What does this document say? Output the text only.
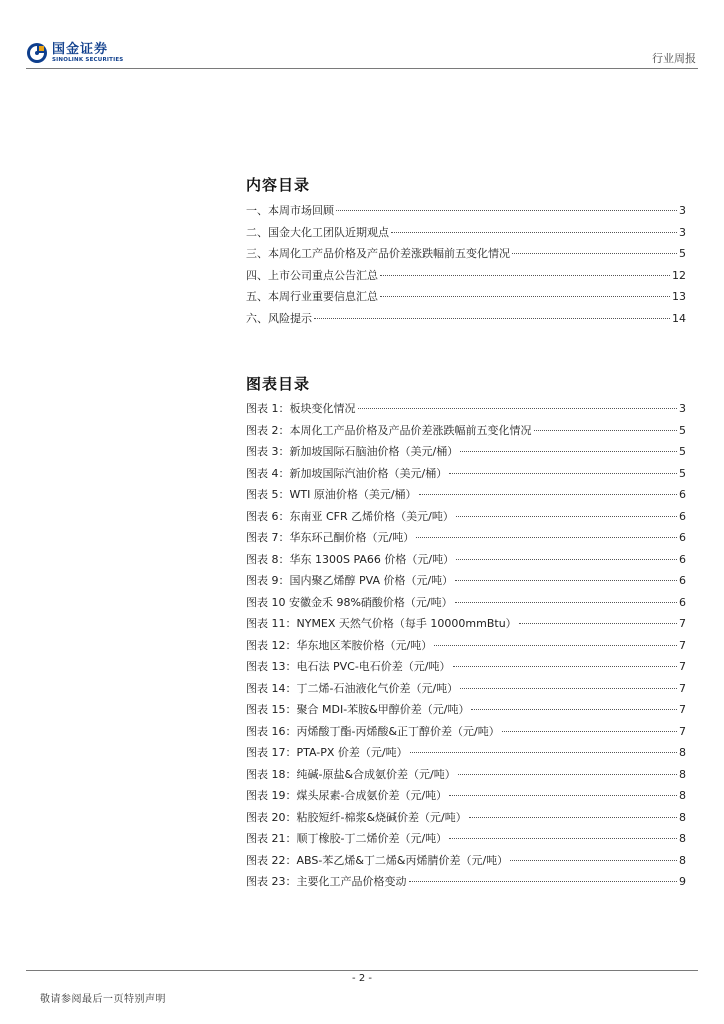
国金证券
SINOLINK SECURITIES	行业周报
内容目录
一、本周市场回顾	3
二、国金大化工团队近期观点	3
三、本周化工产品价格及产品价差涨跌幅前五变化情况	5
四、上市公司重点公告汇总	12
五、本周行业重要信息汇总	13
六、风险提示	14
图表目录
图表 1：板块变化情况	3
图表 2：本周化工产品价格及产品价差涨跌幅前五变化情况	5
图表 3：新加坡国际石脑油价格（美元/桶）	5
图表 4：新加坡国际汽油价格（美元/桶）	5
图表 5：WTI 原油价格（美元/桶）	6
图表 6：东南亚 CFR 乙烯价格（美元/吨）	6
图表 7：华东环己酮价格（元/吨）	6
图表 8：华东 1300S PA66 价格（元/吨）	6
图表 9：国内聚乙烯醇 PVA 价格（元/吨）	6
图表 10 安徽金禾 98%硝酸价格（元/吨）	6
图表 11：NYMEX 天然气价格（每手 10000mmBtu）	7
图表 12：华东地区苯胺价格（元/吨）	7
图表 13：电石法 PVC-电石价差（元/吨）	7
图表 14：丁二烯-石油液化气价差（元/吨）	7
图表 15：聚合 MDI-苯胺&甲醇价差（元/吨）	7
图表 16：丙烯酸丁酯-丙烯酸&正丁醇价差（元/吨）	7
图表 17：PTA-PX 价差（元/吨）	8
图表 18：纯碱-原盐&合成氨价差（元/吨）	8
图表 19：煤头尿素-合成氨价差（元/吨）	8
图表 20：粘胶短纤-棉浆&烧碱价差（元/吨）	8
图表 21：顺丁橡胶-丁二烯价差（元/吨）	8
图表 22：ABS-苯乙烯&丁二烯&丙烯腈价差（元/吨）	8
图表 23：主要化工产品价格变动	9
- 2 -
敬请参阅最后一页特别声明
